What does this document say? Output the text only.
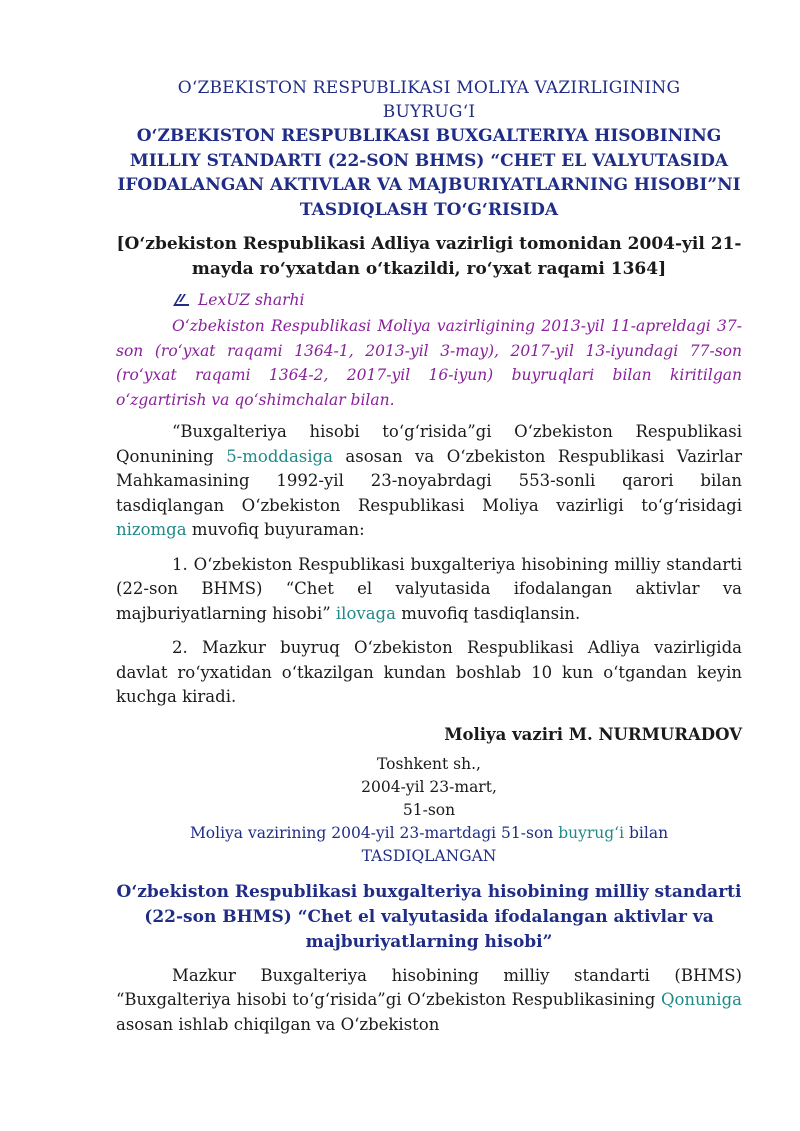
O‘ZBEKISTON RESPUBLIKASI MOLIYA VAZIRLIGINING
BUYRUG‘I
O‘ZBEKISTON RESPUBLIKASI BUXGALTERIYA HISOBINING MILLIY STANDARTI (22-SON BHMS) “CHET EL VALYUTASIDA IFODALANGAN AKTIVLAR VA MAJBURIYATLARNING HISOBI”NI TASDIQLASH TO‘G‘RISIDA
[O‘zbekiston Respublikasi Adliya vazirligi tomonidan 2004-yil 21-mayda ro‘yxatdan o‘tkazildi, ro‘yxat raqami 1364]
LexUZ sharhi
O‘zbekiston Respublikasi Moliya vazirligining 2013-yil 11-apreldagi 37-son (ro‘yxat raqami 1364-1, 2013-yil 3-may), 2017-yil 13-iyundagi 77-son (ro‘yxat raqami 1364-2, 2017-yil 16-iyun) buyruqlari bilan kiritilgan o‘zgartirish va qo‘shimchalar bilan.

“Buxgalteriya hisobi to‘g‘risida”gi O‘zbekiston Respublikasi Qonunining 5-moddasiga asosan va O‘zbekiston Respublikasi Vazirlar Mahkamasining 1992-yil 23-noyabrdagi 553-sonli qarori bilan tasdiqlangan O‘zbekiston Respublikasi Moliya vazirligi to‘g‘risidagi nizomga muvofiq buyuraman:

1. O‘zbekiston Respublikasi buxgalteriya hisobining milliy standarti (22-son BHMS) “Chet el valyutasida ifodalangan aktivlar va majburiyatlarning hisobi” ilovaga muvofiq tasdiqlansin.

2. Mazkur buyruq O‘zbekiston Respublikasi Adliya vazirligida davlat ro‘yxatidan o‘tkazilgan kundan boshlab 10 kun o‘tgandan keyin kuchga kiradi.

Moliya vaziri M. NURMURADOV
Toshkent sh.,
2004-yil 23-mart,
51-son
Moliya vazirining 2004-yil 23-martdagi 51-son buyrug‘i bilan
TASDIQLANGAN
O‘zbekiston Respublikasi buxgalteriya hisobining milliy standarti (22-son BHMS) “Chet el valyutasida ifodalangan aktivlar va majburiyatlarning hisobi”

Mazkur Buxgalteriya hisobining milliy standarti (BHMS) “Buxgalteriya hisobi to‘g‘risida”gi O‘zbekiston Respublikasining Qonuniga asosan ishlab chiqilgan va O‘zbekiston
